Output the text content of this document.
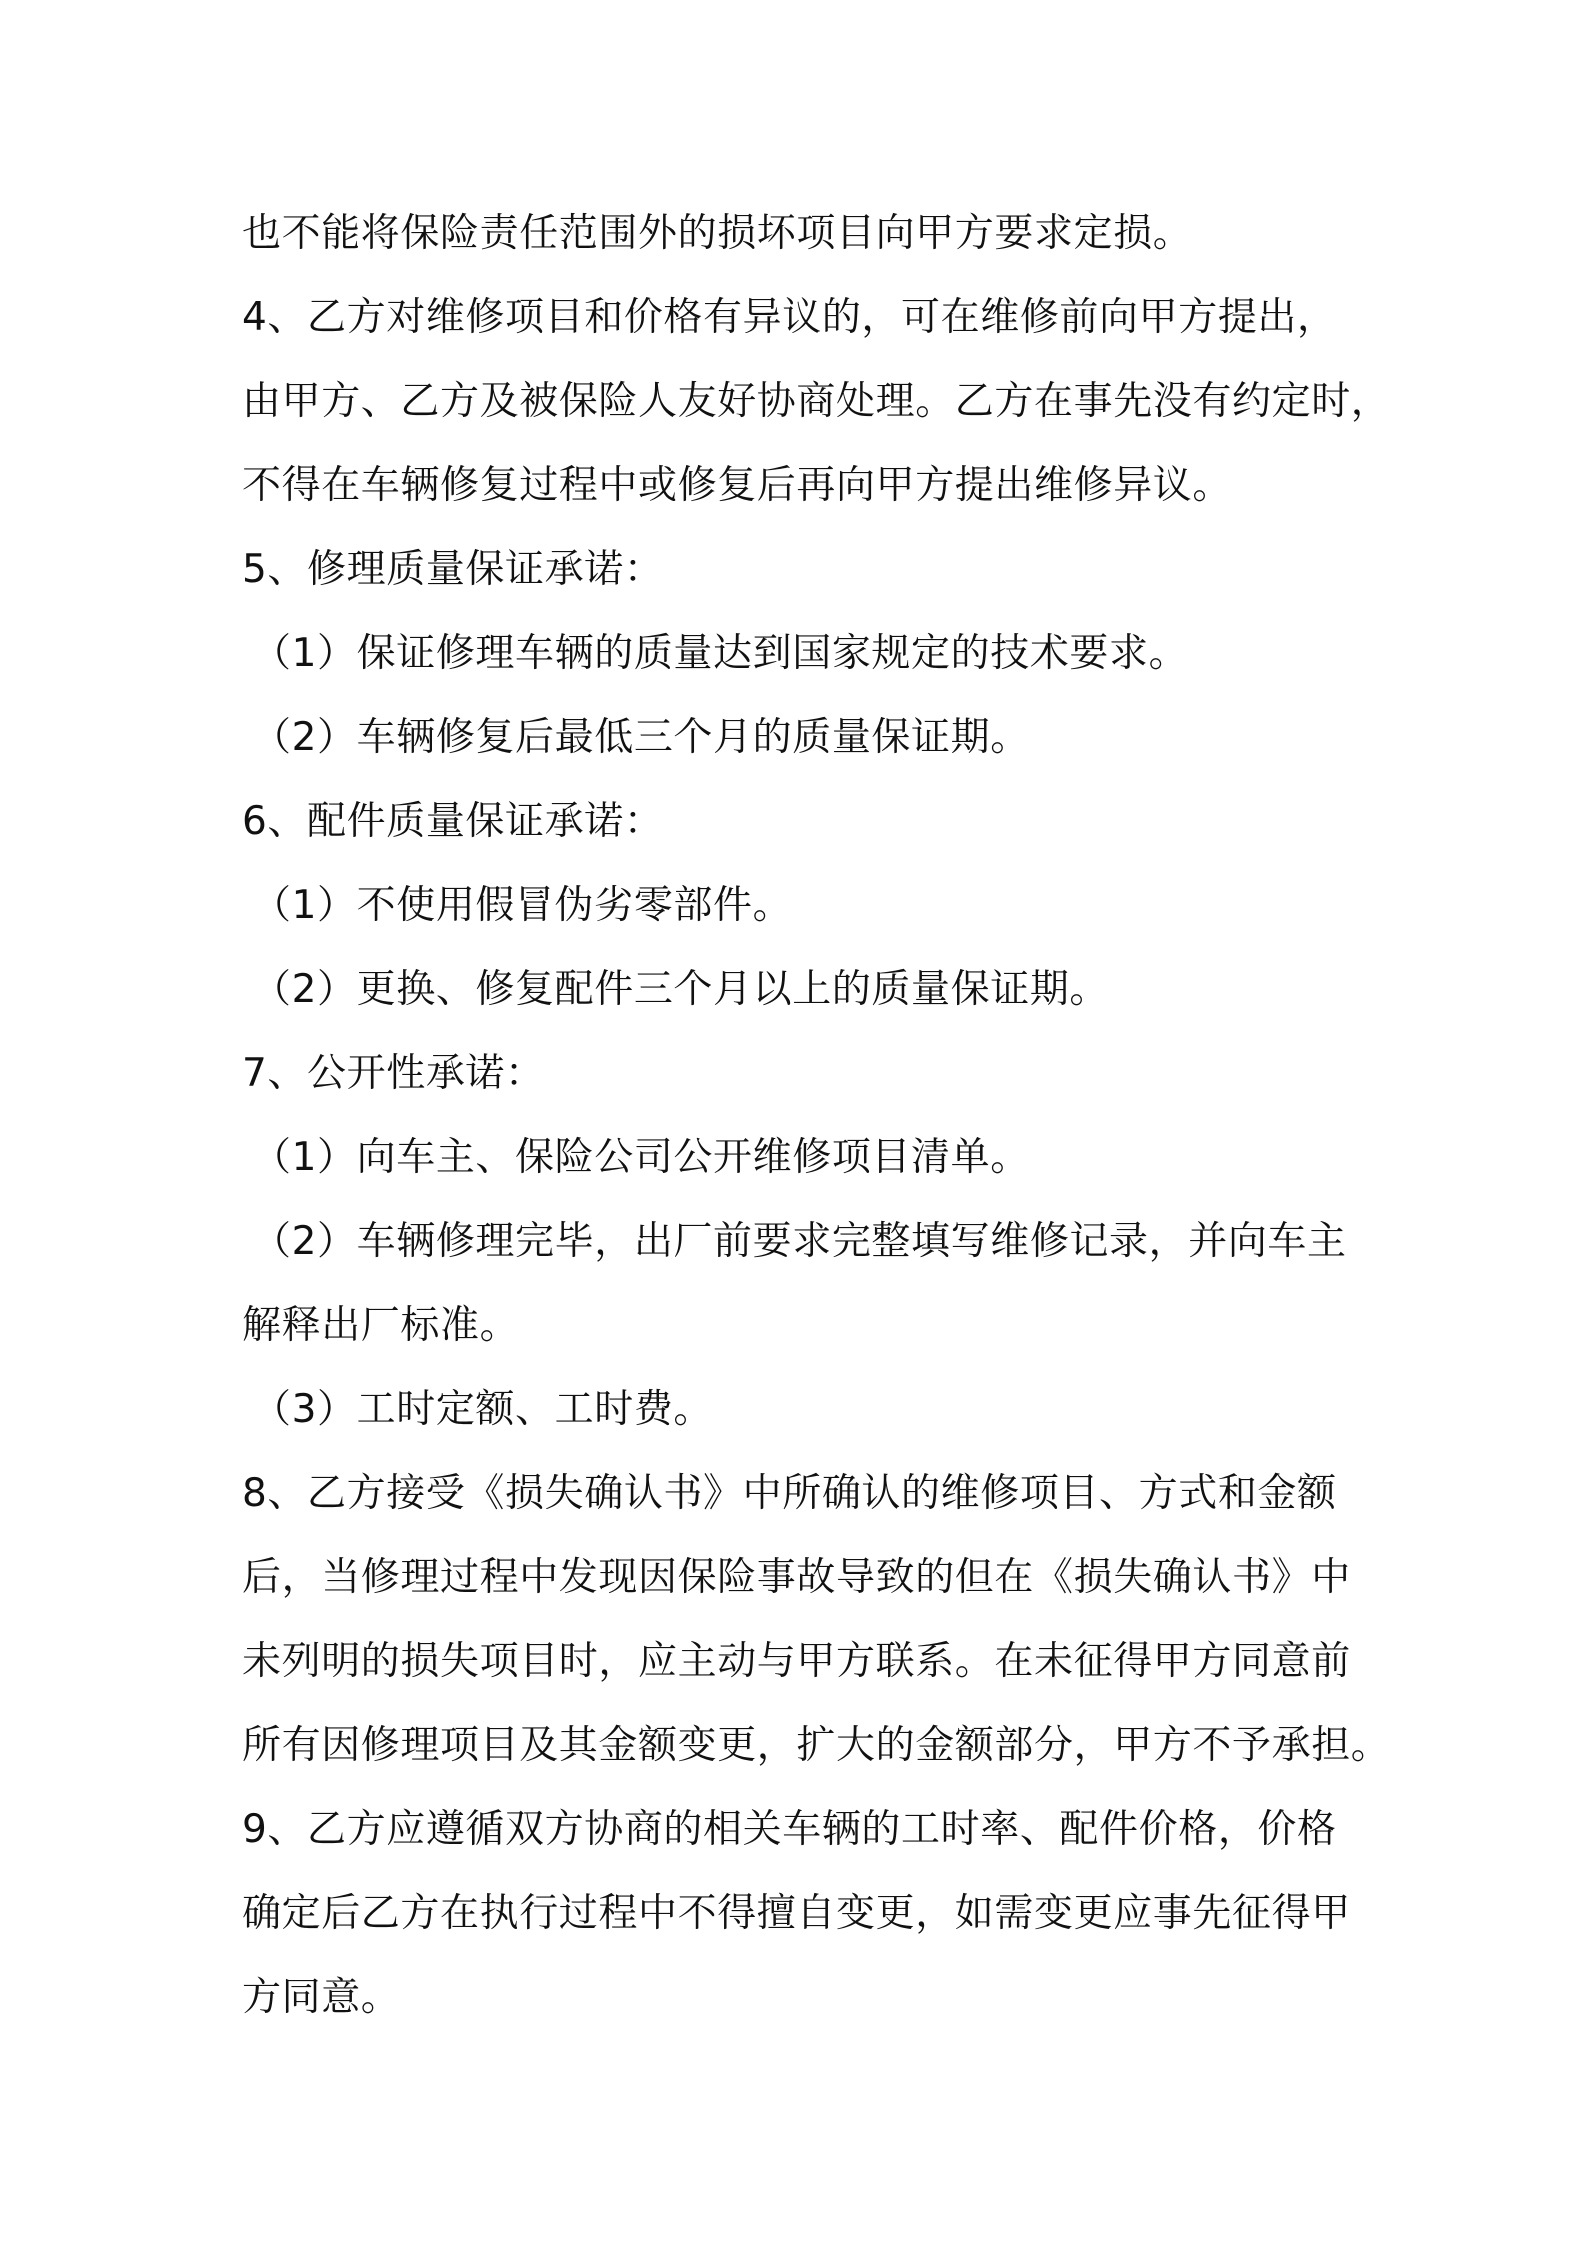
也不能将保险责任范围外的损坏项目向甲方要求定损。
4、乙方对维修项目和价格有异议的，可在维修前向甲方提出，
由甲方、乙方及被保险人友好协商处理。乙方在事先没有约定时，
不得在车辆修复过程中或修复后再向甲方提出维修异议。
5、修理质量保证承诺：
（1）保证修理车辆的质量达到国家规定的技术要求。
（2）车辆修复后最低三个月的质量保证期。
6、配件质量保证承诺：
（1）不使用假冒伪劣零部件。
（2）更换、修复配件三个月以上的质量保证期。
7、公开性承诺：
（1）向车主、保险公司公开维修项目清单。
（2）车辆修理完毕，出厂前要求完整填写维修记录，并向车主
解释出厂标准。
（3）工时定额、工时费。
8、乙方接受《损失确认书》中所确认的维修项目、方式和金额
后，当修理过程中发现因保险事故导致的但在《损失确认书》中
未列明的损失项目时，应主动与甲方联系。在未征得甲方同意前
所有因修理项目及其金额变更，扩大的金额部分，甲方不予承担。
9、乙方应遵循双方协商的相关车辆的工时率、配件价格，价格
确定后乙方在执行过程中不得擅自变更，如需变更应事先征得甲
方同意。
